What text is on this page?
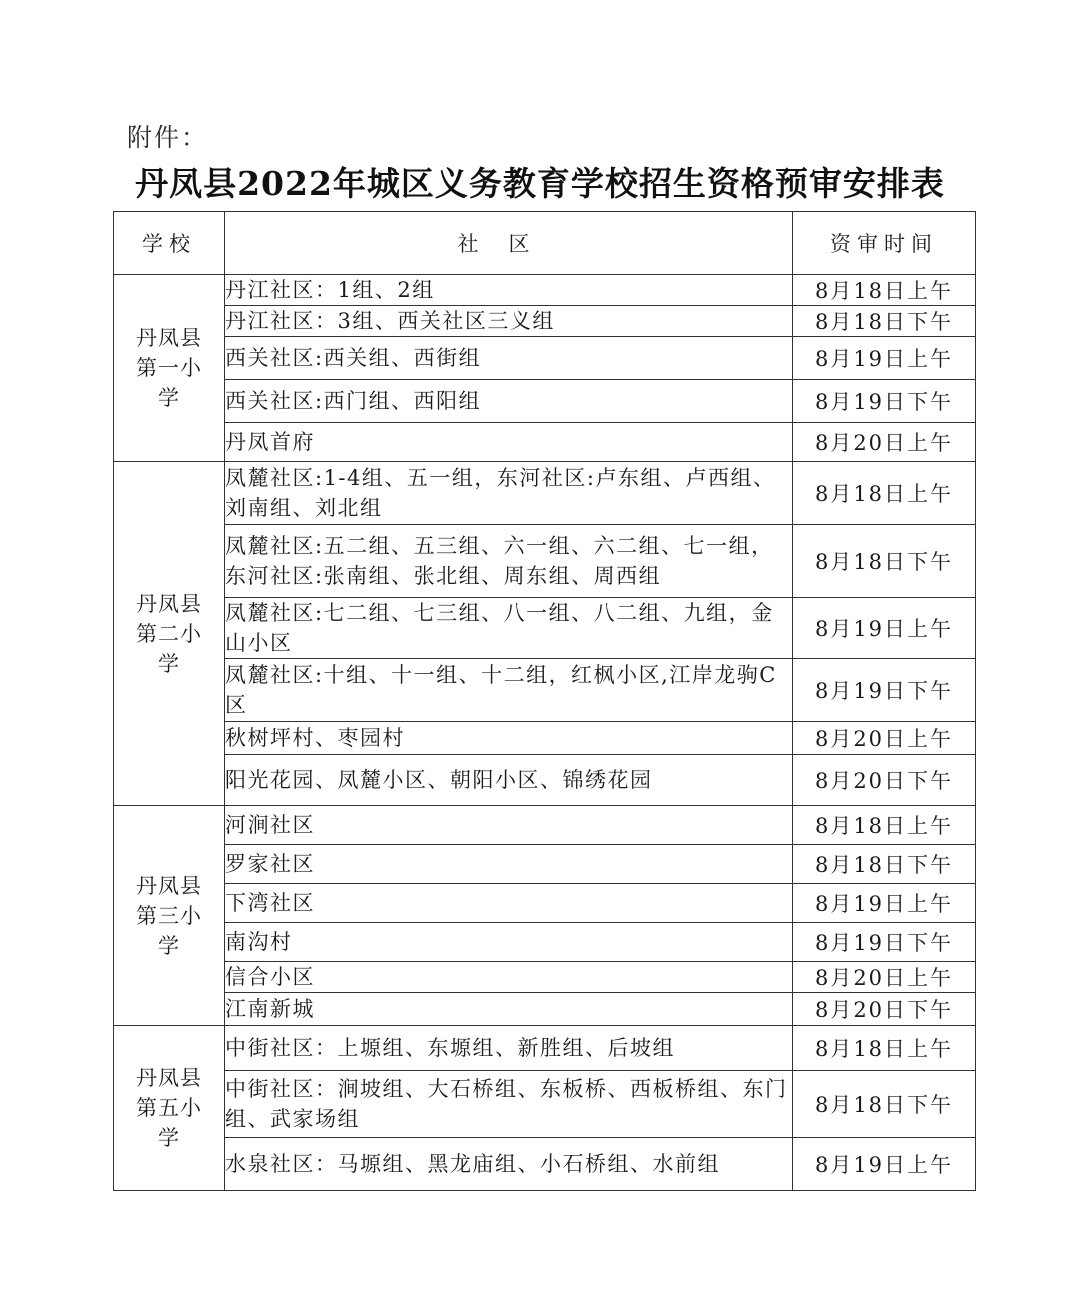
附件：
丹凤县2022年城区义务教育学校招生资格预审安排表
学校	社区	资审时间

丹凤县
第一小
学	丹江社区：1组、2组	8月18日上午
	丹江社区：3组、西关社区三义组	8月18日下午
	西关社区:西关组、西街组	8月19日上午
	西关社区:西门组、西阳组	8月19日下午
	丹凤首府	8月20日上午

丹凤县
第二小
学	凤麓社区:1-4组、五一组，东河社区:卢东组、卢西组、刘南组、刘北组	8月18日上午
	凤麓社区:五二组、五三组、六一组、六二组、七一组，东河社区:张南组、张北组、周东组、周西组	8月18日下午
	凤麓社区:七二组、七三组、八一组、八二组、九组，金山小区	8月19日上午
	凤麓社区:十组、十一组、十二组，红枫小区,江岸龙驹C区	8月19日下午
	秋树坪村、枣园村	8月20日上午
	阳光花园、凤麓小区、朝阳小区、锦绣花园	8月20日下午

丹凤县
第三小
学	河涧社区	8月18日上午
	罗家社区	8月18日下午
	下湾社区	8月19日上午
	南沟村	8月19日下午
	信合小区	8月20日上午
	江南新城	8月20日下午

丹凤县
第五小
学	中街社区：上塬组、东塬组、新胜组、后坡组	8月18日上午
	中街社区：涧坡组、大石桥组、东板桥、西板桥组、东门组、武家场组	8月18日下午
	水泉社区：马塬组、黑龙庙组、小石桥组、水前组	8月19日上午
